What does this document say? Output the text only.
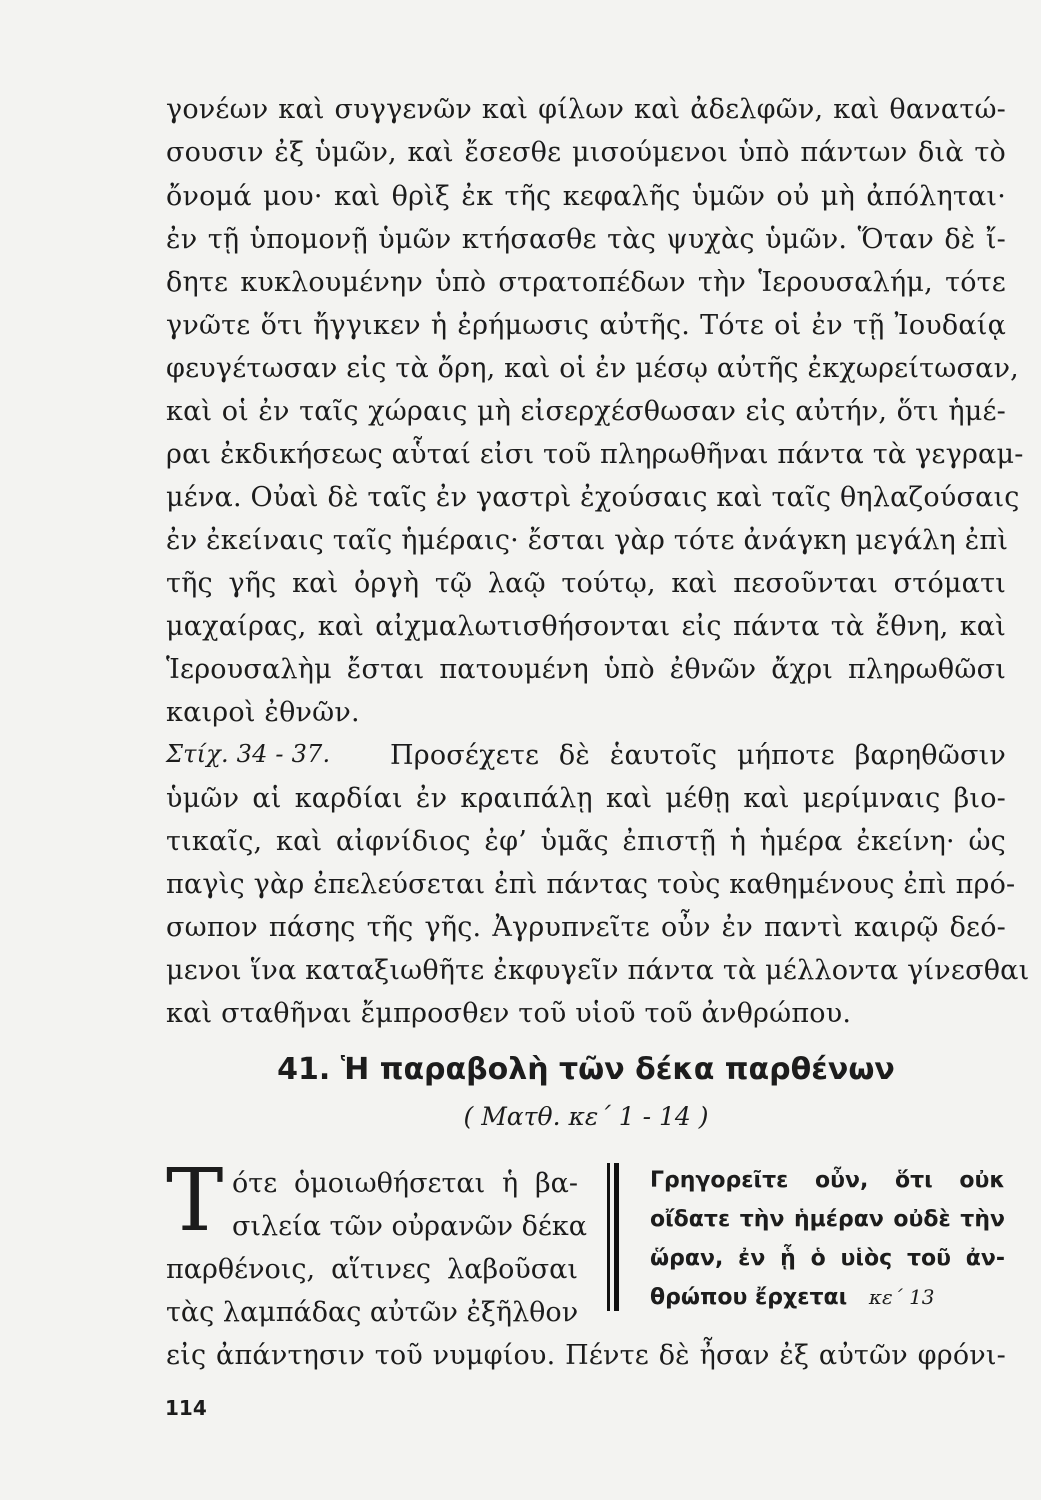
γονέων καὶ συγγενῶν καὶ φίλων καὶ ἀδελφῶν, καὶ θανατώ-
σουσιν ἐξ ὑμῶν, καὶ ἔσεσθε μισούμενοι ὑπὸ πάντων διὰ τὸ
ὄνομά μου· καὶ θρὶξ ἐκ τῆς κεφαλῆς ὑμῶν οὐ μὴ ἀπόληται·
ἐν τῇ ὑπομονῇ ὑμῶν κτήσασθε τὰς ψυχὰς ὑμῶν. Ὅταν δὲ ἴ-
δητε κυκλουμένην ὑπὸ στρατοπέδων τὴν Ἱερουσαλήμ, τότε
γνῶτε ὅτι ἤγγικεν ἡ ἐρήμωσις αὐτῆς. Τότε οἱ ἐν τῇ Ἰουδαίᾳ
φευγέτωσαν εἰς τὰ ὄρη, καὶ οἱ ἐν μέσῳ αὐτῆς ἐκχωρείτωσαν,
καὶ οἱ ἐν ταῖς χώραις μὴ εἰσερχέσθωσαν εἰς αὐτήν, ὅτι ἡμέ-
ραι ἐκδικήσεως αὗταί εἰσι τοῦ πληρωθῆναι πάντα τὰ γεγραμ-
μένα. Οὐαὶ δὲ ταῖς ἐν γαστρὶ ἐχούσαις καὶ ταῖς θηλαζούσαις
ἐν ἐκείναις ταῖς ἡμέραις· ἔσται γὰρ τότε ἀνάγκη μεγάλη ἐπὶ
τῆς γῆς καὶ ὀργὴ τῷ λαῷ τούτῳ, καὶ πεσοῦνται στόματι
μαχαίρας, καὶ αἰχμαλωτισθήσονται εἰς πάντα τὰ ἔθνη, καὶ
Ἱερουσαλὴμ ἔσται πατουμένη ὑπὸ ἐθνῶν ἄχρι πληρωθῶσι
καιροὶ ἐθνῶν.
Στίχ. 34 - 37.	Προσέχετε δὲ ἑαυτοῖς μήποτε βαρηθῶσιν
ὑμῶν αἱ καρδίαι ἐν κραιπάλῃ καὶ μέθῃ καὶ μερίμναις βιο-
τικαῖς, καὶ αἰφνίδιος ἐφ’ ὑμᾶς ἐπιστῇ ἡ ἡμέρα ἐκείνη· ὡς
παγὶς γὰρ ἐπελεύσεται ἐπὶ πάντας τοὺς καθημένους ἐπὶ πρό-
σωπον πάσης τῆς γῆς. Ἀγρυπνεῖτε οὖν ἐν παντὶ καιρῷ δεό-
μενοι ἵνα καταξιωθῆτε ἐκφυγεῖν πάντα τὰ μέλλοντα γίνεσθαι
καὶ σταθῆναι ἔμπροσθεν τοῦ υἱοῦ τοῦ ἀνθρώπου.
41. Ἡ παραβολὴ τῶν δέκα παρθένων
( Ματθ. κε΄ 1 - 14 )
Τ ότε ὁμοιωθήσεται ἡ βα-
σιλεία τῶν οὐρανῶν δέκα
παρθένοις, αἵτινες λαβοῦσαι
τὰς λαμπάδας αὐτῶν ἐξῆλθον
Γρηγορεῖτε οὖν, ὅτι οὐκ
οἴδατε τὴν ἡμέραν οὐδὲ τὴν
ὥραν, ἐν ᾗ ὁ υἱὸς τοῦ ἀν-
θρώπου ἔρχεται κε΄ 13
εἰς ἀπάντησιν τοῦ νυμφίου. Πέντε δὲ ἦσαν ἐξ αὐτῶν φρόνι-
114
